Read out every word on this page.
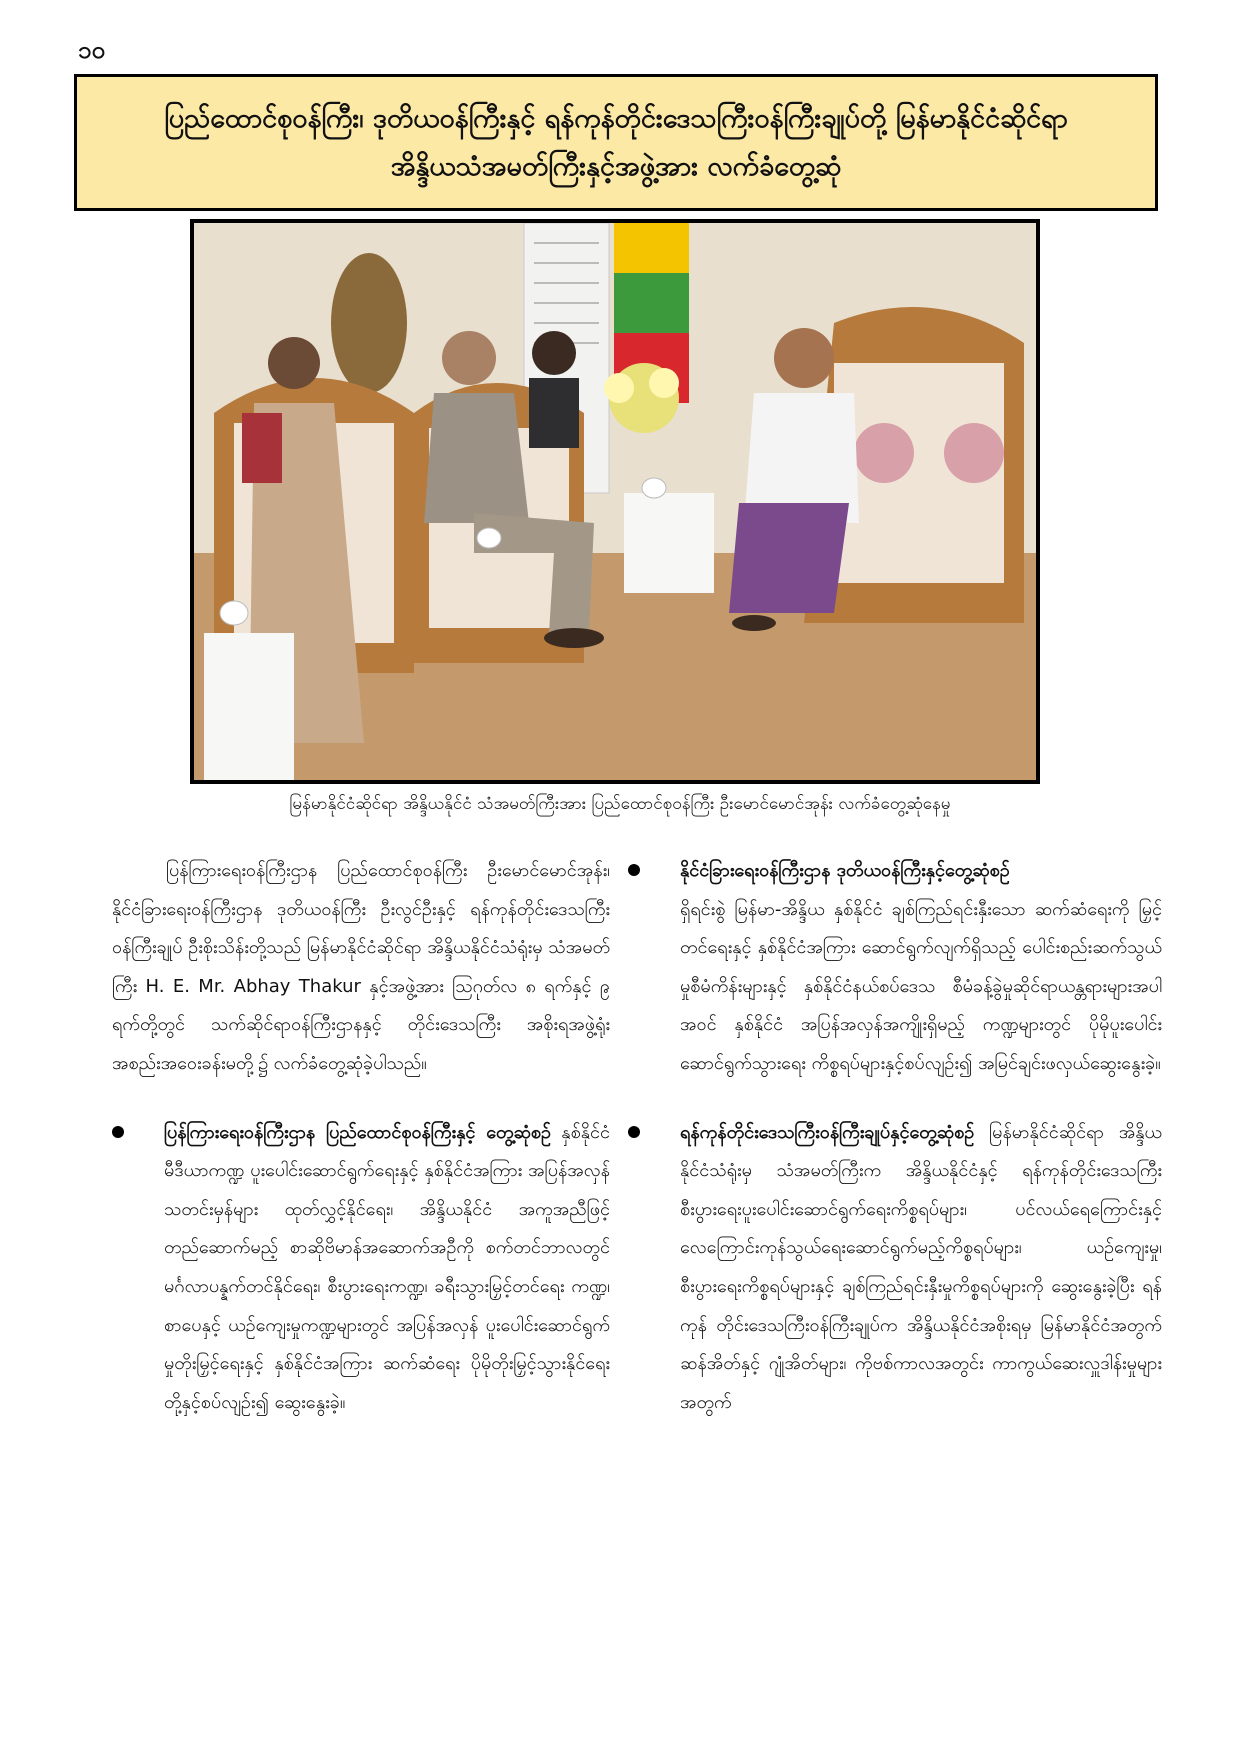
၁၀
ပြည်ထောင်စုဝန်ကြီး၊ ဒုတိယဝန်ကြီးနှင့် ရန်ကုန်တိုင်းဒေသကြီးဝန်ကြီးချုပ်တို့ မြန်မာနိုင်ငံဆိုင်ရာ
အိန္ဒိယသံအမတ်ကြီးနှင့်အဖွဲ့အား လက်ခံတွေ့ဆုံ
မြန်မာနိုင်ငံဆိုင်ရာ အိန္ဒိယနိုင်ငံ သံအမတ်ကြီးအား ပြည်ထောင်စုဝန်ကြီး ဦးမောင်မောင်အုန်း လက်ခံတွေ့ဆုံနေမှု

ပြန်ကြားရေးဝန်ကြီးဌာန ပြည်ထောင်စုဝန်ကြီး ဦးမောင်မောင်အုန်း၊ နိုင်ငံခြားရေးဝန်ကြီးဌာန ဒုတိယဝန်ကြီး ဦးလွင်ဦးနှင့် ရန်ကုန်တိုင်းဒေသကြီးဝန်ကြီးချုပ် ဦးစိုးသိန်းတို့သည် မြန်မာနိုင်ငံဆိုင်ရာ အိန္ဒိယနိုင်ငံသံရုံးမှ သံအမတ်ကြီး H. E. Mr. Abhay Thakur နှင့်အဖွဲ့အား သြဂုတ်လ ၈ ရက်နှင့် ၉ ရက်တို့တွင် သက်ဆိုင်ရာဝန်ကြီးဌာနနှင့် တိုင်းဒေသကြီး အစိုးရအဖွဲ့ရုံး အစည်းအဝေးခန်းမတို့၌ လက်ခံတွေ့ဆုံခဲ့ပါသည်။

ပြန်ကြားရေးဝန်ကြီးဌာန ပြည်ထောင်စုဝန်ကြီးနှင့် တွေ့ဆုံစဉ် နှစ်နိုင်ငံ မီဒီယာကဏ္ဍ ပူးပေါင်းဆောင်ရွက်ရေးနှင့် နှစ်နိုင်ငံအကြား အပြန်အလှန်သတင်းမှန်များ ထုတ်လွှင့်နိုင်ရေး၊ အိန္ဒိယနိုင်ငံ အကူအညီဖြင့် တည်ဆောက်မည့် စာဆိုဗိမာန်အဆောက်အဦကို စက်တင်ဘာလတွင် မင်္ဂလာပန္နက်တင်နိုင်ရေး၊ စီးပွားရေးကဏ္ဍ၊ ခရီးသွားမြှင့်တင်ရေး ကဏ္ဍ၊ စာပေနှင့် ယဉ်ကျေးမှုကဏ္ဍများတွင် အပြန်အလှန် ပူးပေါင်းဆောင်ရွက်မှုတိုးမြှင့်ရေးနှင့် နှစ်နိုင်ငံအကြား ဆက်ဆံရေး ပိုမိုတိုးမြှင့်သွားနိုင်ရေးတို့နှင့်စပ်လျဉ်း၍ ဆွေးနွေးခဲ့။

နိုင်ငံခြားရေးဝန်ကြီးဌာန ဒုတိယဝန်ကြီးနှင့်တွေ့ဆုံစဉ်

ရှိရင်းစွဲ မြန်မာ-အိန္ဒိယ နှစ်နိုင်ငံ ချစ်ကြည်ရင်းနှီးသော ဆက်ဆံရေးကို မြှင့်တင်ရေးနှင့် နှစ်နိုင်ငံအကြား ဆောင်ရွက်လျက်ရှိသည့် ပေါင်းစည်းဆက်သွယ်မှုစီမံကိန်းများနှင့် နှစ်နိုင်ငံနယ်စပ်ဒေသ စီမံခန့်ခွဲမှုဆိုင်ရာယန္တရားများအပါ အဝင် နှစ်နိုင်ငံ အပြန်အလှန်အကျိုးရှိမည့် ကဏ္ဍများတွင် ပိုမိုပူးပေါင်းဆောင်ရွက်သွားရေး ကိစ္စရပ်များနှင့်စပ်လျဉ်း၍ အမြင်ချင်းဖလှယ်ဆွေးနွေးခဲ့။

ရန်ကုန်တိုင်းဒေသကြီးဝန်ကြီးချုပ်နှင့်တွေ့ဆုံစဉ် မြန်မာနိုင်ငံဆိုင်ရာ အိန္ဒိယနိုင်ငံသံရုံးမှ သံအမတ်ကြီးက အိန္ဒိယနိုင်ငံနှင့် ရန်ကုန်တိုင်းဒေသကြီး စီးပွားရေးပူးပေါင်းဆောင်ရွက်ရေးကိစ္စရပ်များ၊ ပင်လယ်ရေကြောင်းနှင့် လေကြောင်းကုန်သွယ်ရေးဆောင်ရွက်မည့်ကိစ္စရပ်များ၊ ယဉ်ကျေးမှု၊ စီးပွားရေးကိစ္စရပ်များနှင့် ချစ်ကြည်ရင်းနှီးမှုကိစ္စရပ်များကို ဆွေးနွေးခဲ့ပြီး ရန်ကုန် တိုင်းဒေသကြီးဝန်ကြီးချုပ်က အိန္ဒိယနိုင်ငံအစိုးရမှ မြန်မာနိုင်ငံအတွက် ဆန်အိတ်နှင့် ဂျုံအိတ်များ၊ ကိုဗစ်ကာလအတွင်း ကာကွယ်ဆေးလှူဒါန်းမှုများအတွက်
